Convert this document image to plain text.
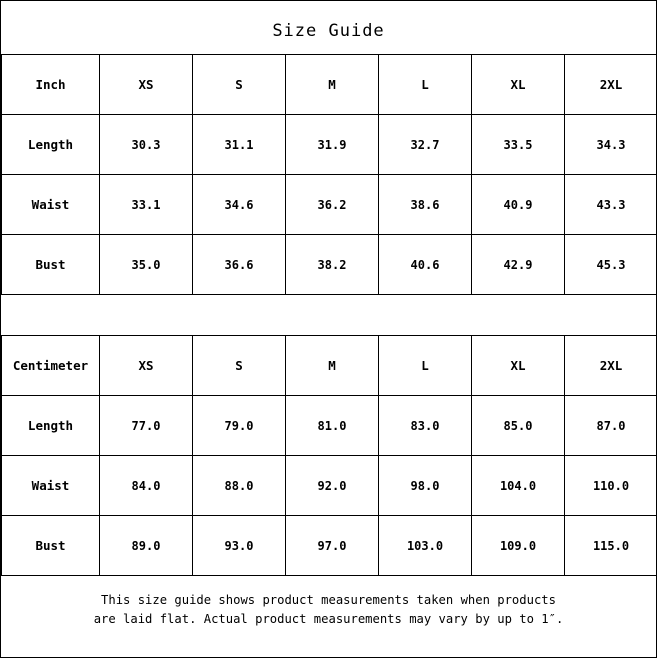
Size Guide
Inch	XS	S	M	L	XL	2XL
Length	30.3	31.1	31.9	32.7	33.5	34.3
Waist	33.1	34.6	36.2	38.6	40.9	43.3
Bust	35.0	36.6	38.2	40.6	42.9	45.3
Centimeter	XS	S	M	L	XL	2XL
Length	77.0	79.0	81.0	83.0	85.0	87.0
Waist	84.0	88.0	92.0	98.0	104.0	110.0
Bust	89.0	93.0	97.0	103.0	109.0	115.0
This size guide shows product measurements taken when products
are laid flat. Actual product measurements may vary by up to 1″.
